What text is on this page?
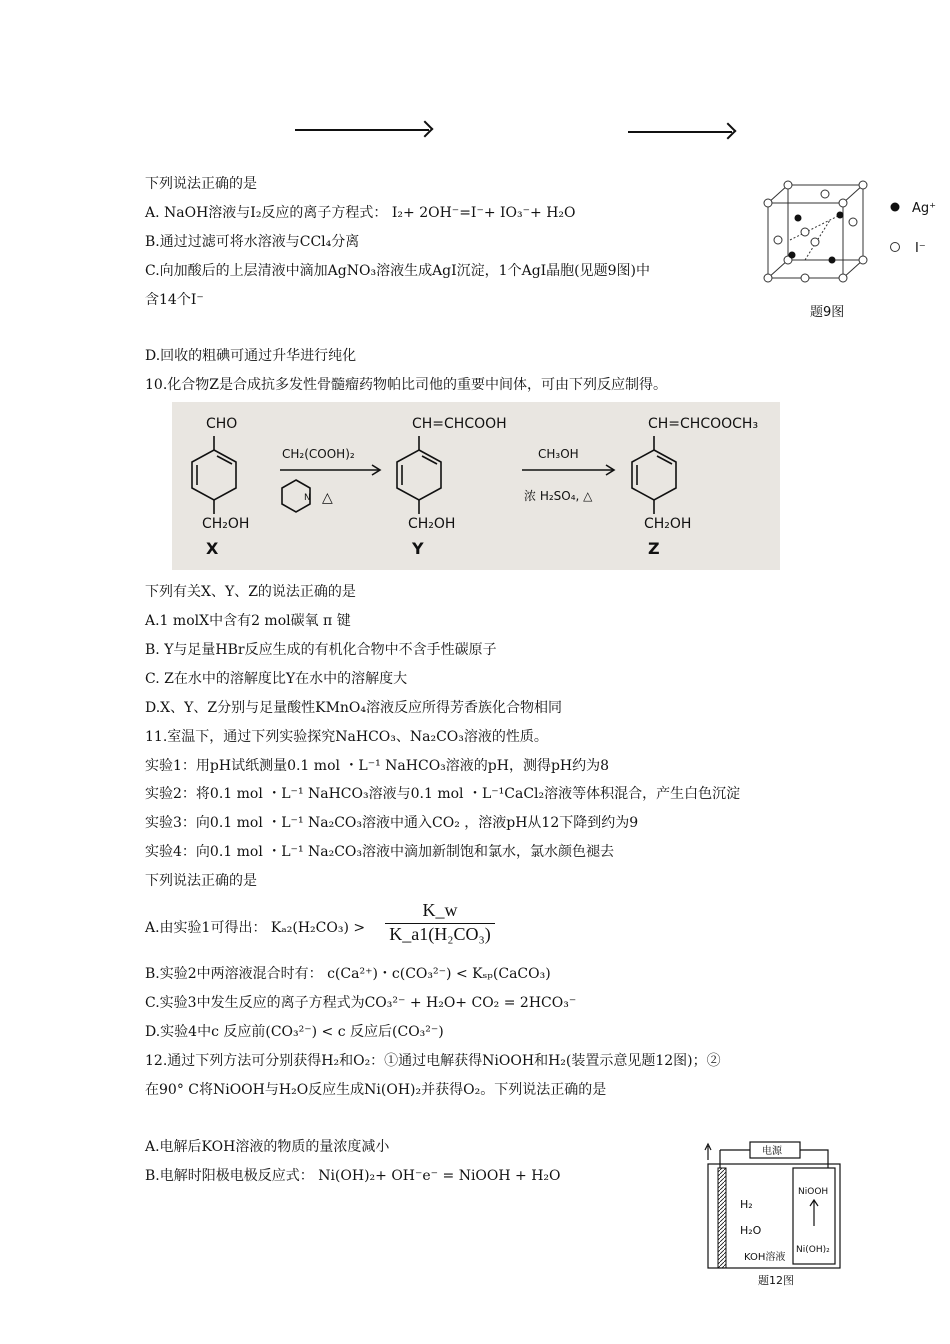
下列说法正确的是
A. NaOH溶液与I₂反应的离子方程式： I₂+ 2OH⁻=I⁻+ IO₃⁻+ H₂O
B.通过过滤可将水溶液与CCl₄分离
C.向加酸后的上层清液中滴加AgNO₃溶液生成AgI沉淀，1个AgI晶胞(见题9图)中
含14个I⁻
D.回收的粗碘可通过升华进行纯化
Ag⁺
I⁻
题9图
10.化合物Z是合成抗多发性骨髓瘤药物帕比司他的重要中间体，可由下列反应制得。
CHO
CH₂OH
X
CH₂(COOH)₂
N △
CH=CHCOOH
CH₂OH
Y
CH₃OH
浓 H₂SO₄, △
CH=CHCOOCH₃
CH₂OH
Z
下列有关X、Y、Z的说法正确的是
A.1 molX中含有2 mol碳氧 π 键
B. Y与足量HBr反应生成的有机化合物中不含手性碳原子
C. Z在水中的溶解度比Y在水中的溶解度大
D.X、Y、Z分别与足量酸性KMnO₄溶液反应所得芳香族化合物相同
11.室温下，通过下列实验探究NaHCO₃、Na₂CO₃溶液的性质。
实验1：用pH试纸测量0.1 mol ・L⁻¹ NaHCO₃溶液的pH，测得pH约为8
实验2：将0.1 mol ・L⁻¹ NaHCO₃溶液与0.1 mol ・L⁻¹CaCl₂溶液等体积混合，产生白色沉淀
实验3：向0.1 mol ・L⁻¹ Na₂CO₃溶液中通入CO₂ ，溶液pH从12下降到约为9
实验4：向0.1 mol ・L⁻¹ Na₂CO₃溶液中滴加新制饱和氯水，氯水颜色褪去
下列说法正确的是
A.由实验1可得出： $K_{a2}(H_2CO_3) > \frac{K\_w}{\text{K\_a1(H₂CO₃)}}$
B.实验2中两溶液混合时有： c(Ca²⁺)・c(CO₃²⁻) < Kₛₚ(CaCO₃)
C.实验3中发生反应的离子方程式为CO₃²⁻ + H₂O+ CO₂ = 2HCO₃⁻
D.实验4中c 反应前(CO₃²⁻) < c 反应后(CO₃²⁻)
12.通过下列方法可分别获得H₂和O₂：①通过电解获得NiOOH和H₂(装置示意见题12图)；②
在90° C将NiOOH与H₂O反应生成Ni(OH)₂并获得O₂。下列说法正确的是
A.电解后KOH溶液的物质的量浓度减小
B.电解时阳极电极反应式： Ni(OH)₂+ OH⁻e⁻ = NiOOH + H₂O
电源
H₂
H₂O
KOH溶液
NiOOH
Ni(OH)₂
题12图
